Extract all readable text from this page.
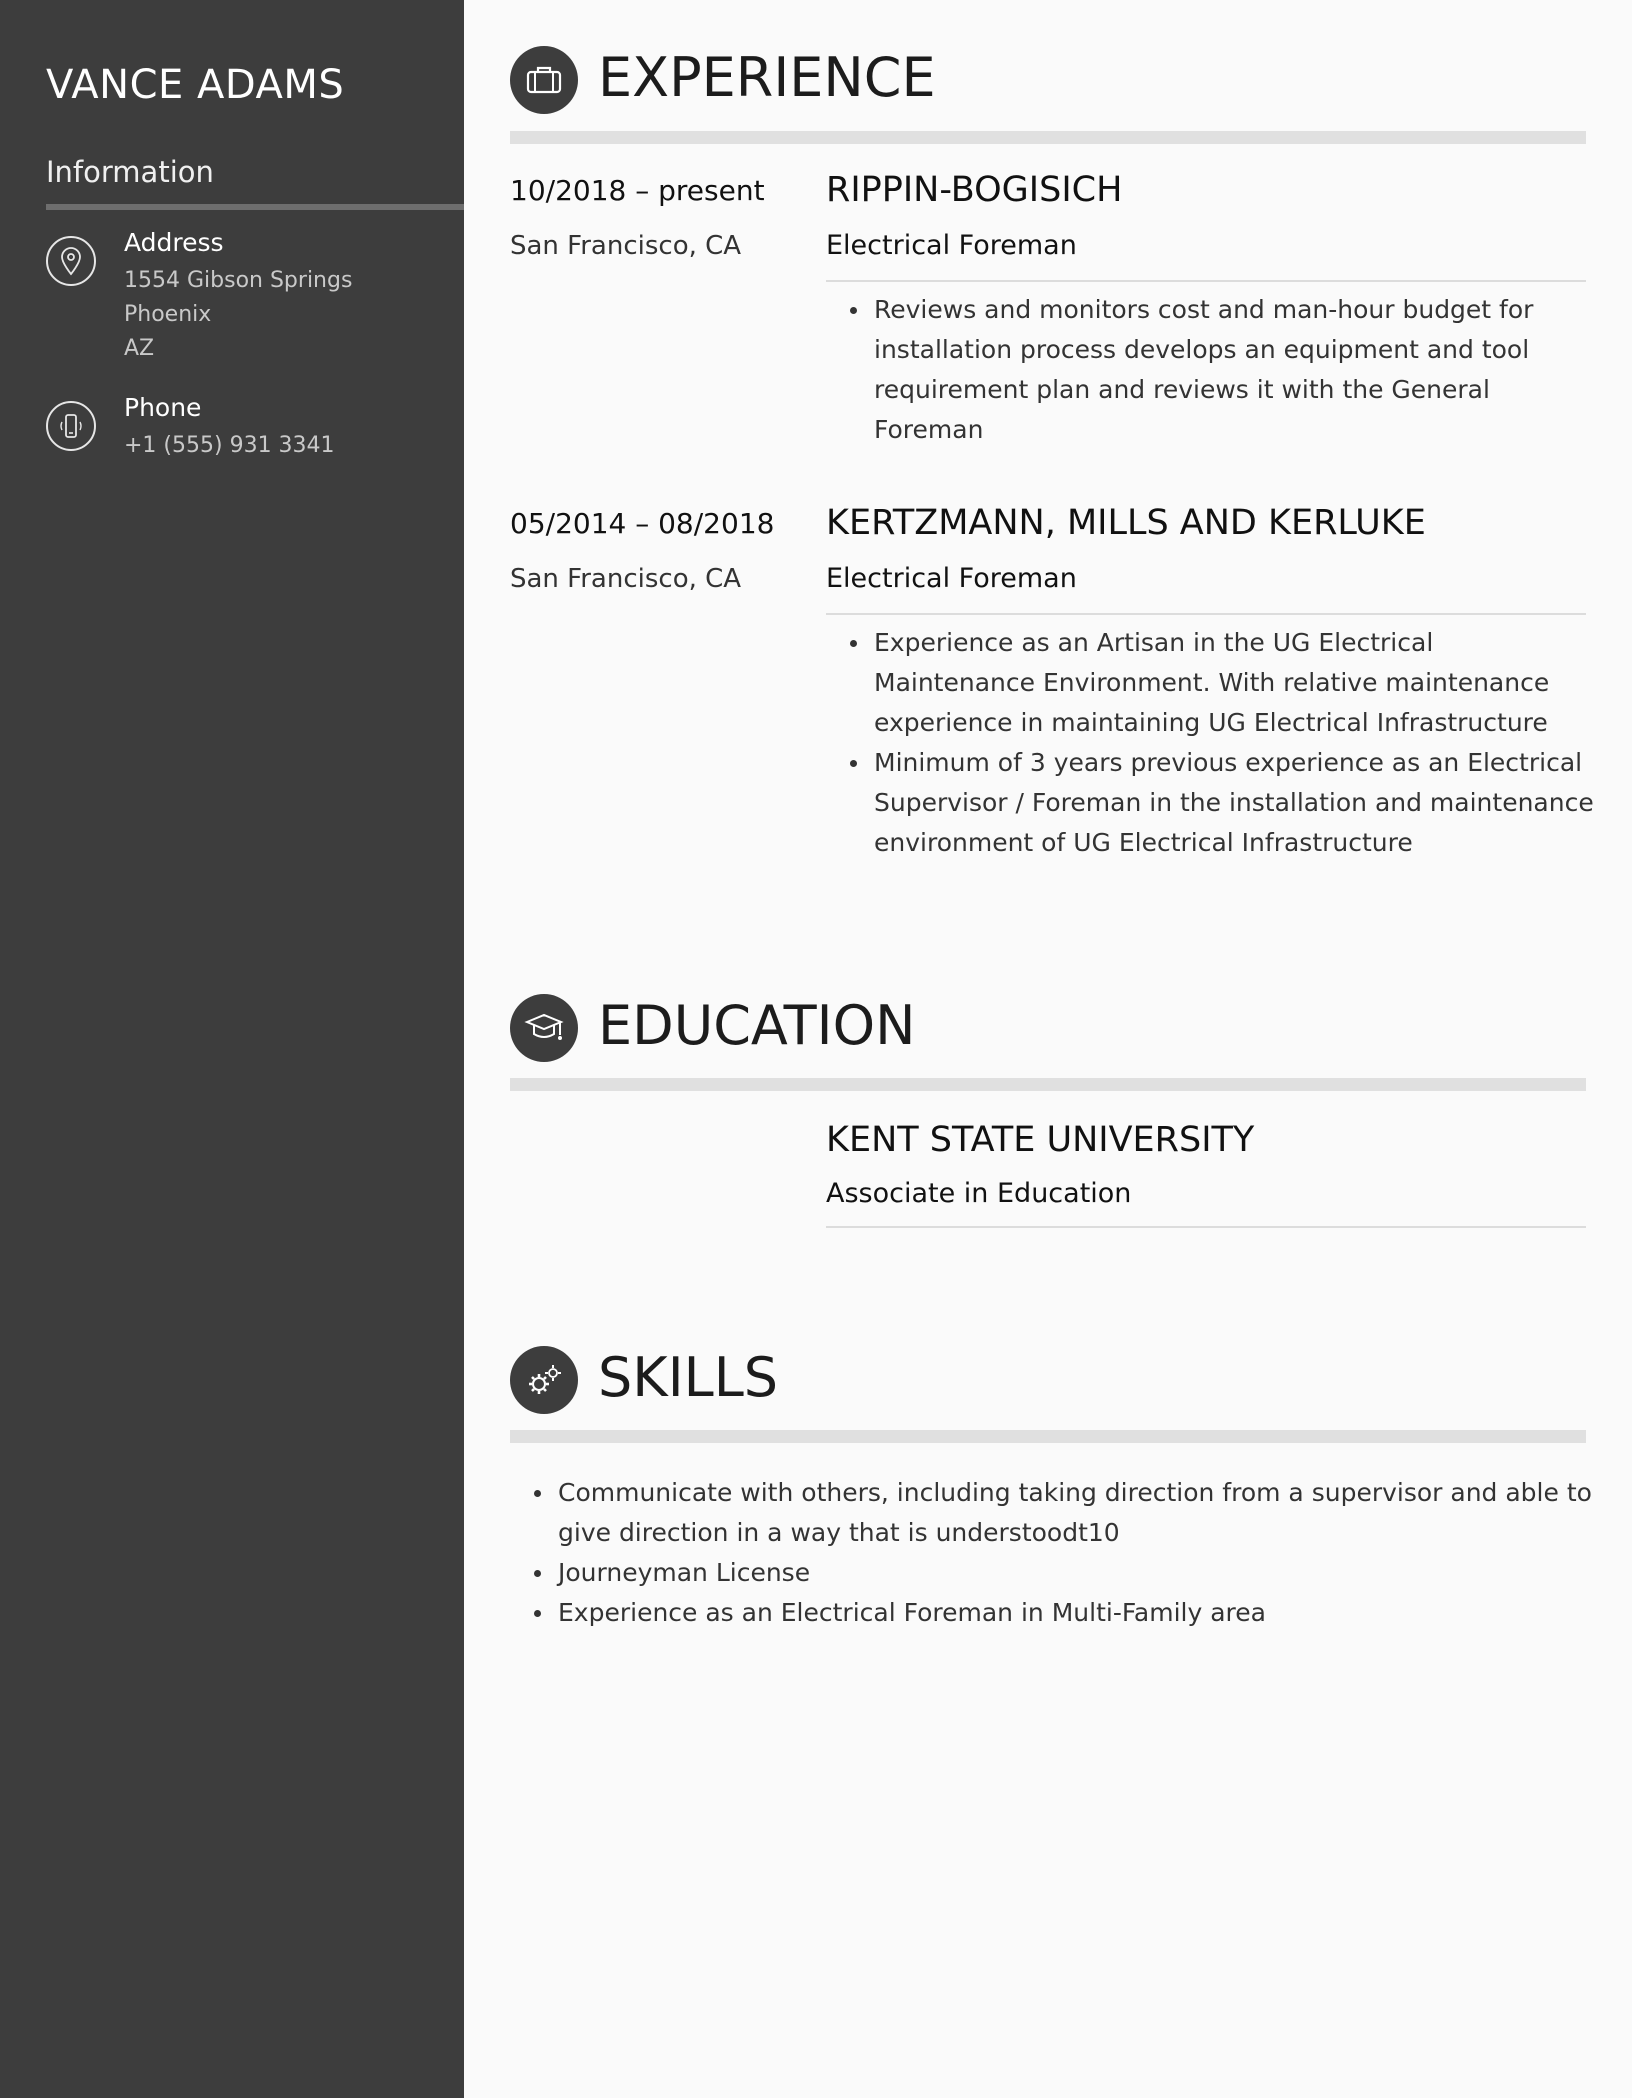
VANCE ADAMS
Information
Address
1554 Gibson Springs
Phoenix
AZ
Phone
+1 (555) 931 3341
EXPERIENCE
10/2018 – present
San Francisco, CA
RIPPIN-BOGISICH
Electrical Foreman
Reviews and monitors cost and man-hour budget for installation process develops an equipment and tool requirement plan and reviews it with the General Foreman
05/2014 – 08/2018
San Francisco, CA
KERTZMANN, MILLS AND KERLUKE
Electrical Foreman
Experience as an Artisan in the UG Electrical Maintenance Environment. With relative maintenance experience in maintaining UG Electrical Infrastructure
Minimum of 3 years previous experience as an Electrical Supervisor / Foreman in the installation and maintenance environment of UG Electrical Infrastructure
EDUCATION
KENT STATE UNIVERSITY
Associate in Education
SKILLS
Communicate with others, including taking direction from a supervisor and able to give direction in a way that is understoodt10
Journeyman License
Experience as an Electrical Foreman in Multi-Family area
